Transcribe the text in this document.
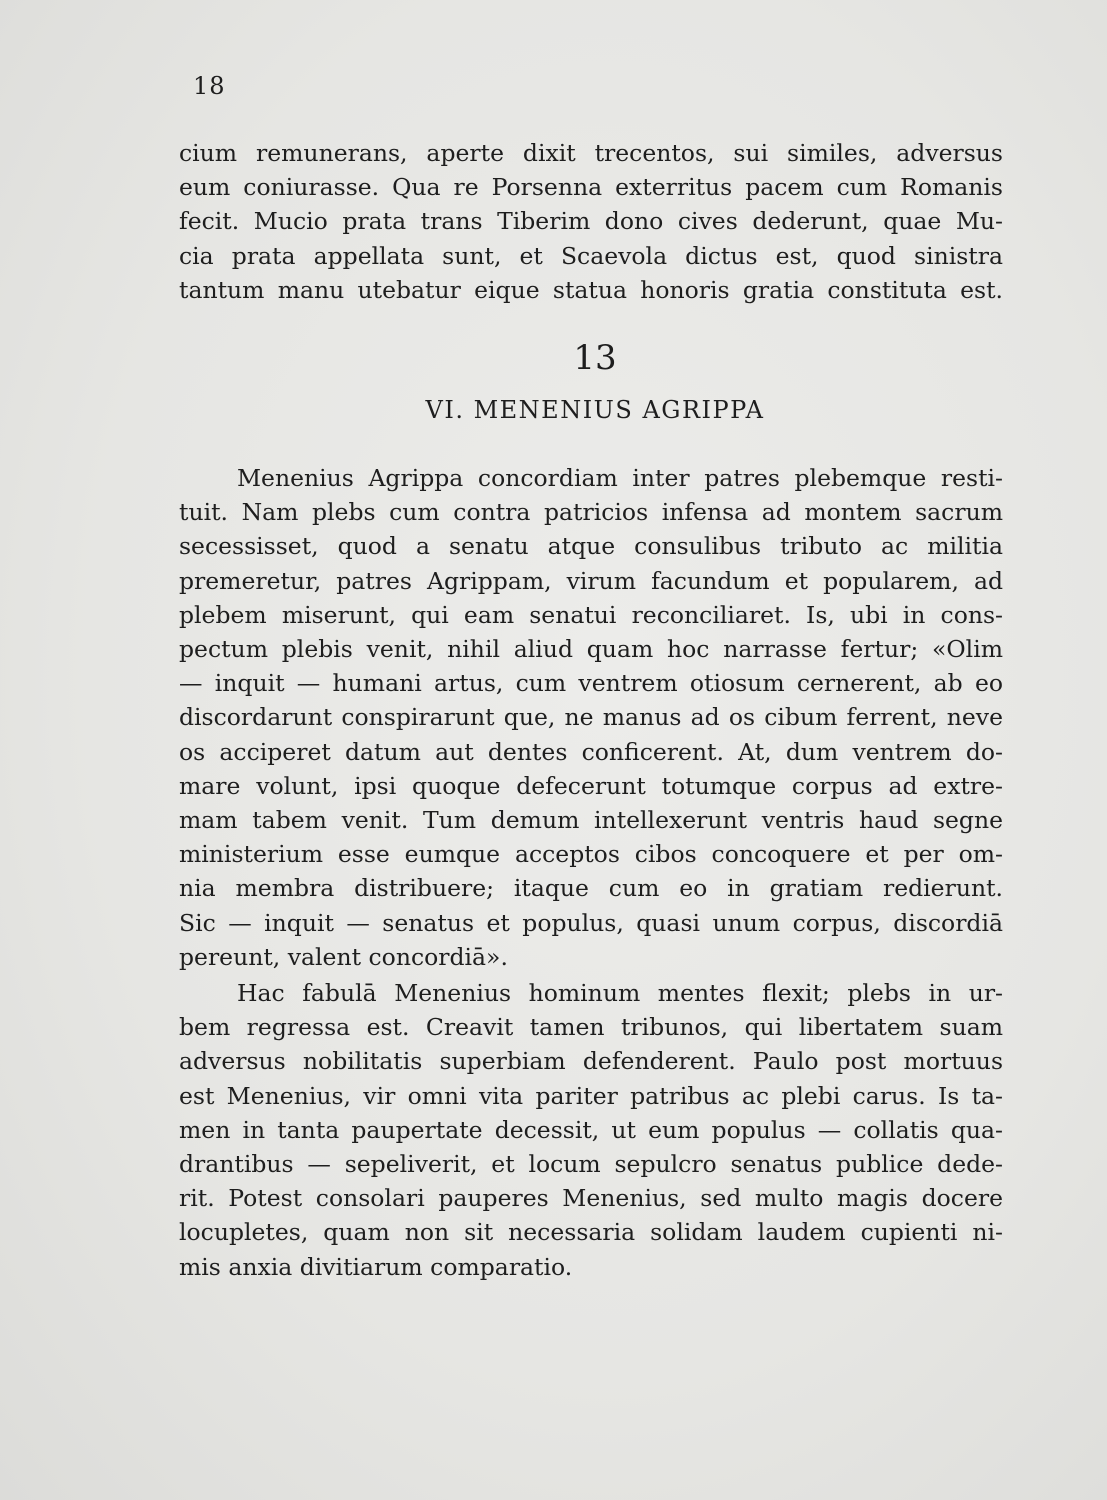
18
cium remunerans, aperte dixit trecentos, sui similes, adversus
eum coniurasse. Qua re Porsenna exterritus pacem cum Romanis
fecit. Mucio prata trans Tiberim dono cives dederunt, quae Mu-
cia prata appellata sunt, et Scaevola dictus est, quod sinistra
tantum manu utebatur eique statua honoris gratia constituta est.
13
VI. MENENIUS AGRIPPA
Menenius Agrippa concordiam inter patres plebemque resti-
tuit. Nam plebs cum contra patricios infensa ad montem sacrum
secessisset, quod a senatu atque consulibus tributo ac militia
premeretur, patres Agrippam, virum facundum et popularem, ad
plebem miserunt, qui eam senatui reconciliaret. Is, ubi in cons-
pectum plebis venit, nihil aliud quam hoc narrasse fertur; «Olim
— inquit — humani artus, cum ventrem otiosum cernerent, ab eo
discordarunt conspirarunt que, ne manus ad os cibum ferrent, neve
os acciperet datum aut dentes conficerent. At, dum ventrem do-
mare volunt, ipsi quoque defecerunt totumque corpus ad extre-
mam tabem venit. Tum demum intellexerunt ventris haud segne
ministerium esse eumque acceptos cibos concoquere et per om-
nia membra distribuere; itaque cum eo in gratiam redierunt.
Sic — inquit — senatus et populus, quasi unum corpus, discordiā
pereunt, valent concordiā».
Hac fabulā Menenius hominum mentes flexit; plebs in ur-
bem regressa est. Creavit tamen tribunos, qui libertatem suam
adversus nobilitatis superbiam defenderent. Paulo post mortuus
est Menenius, vir omni vita pariter patribus ac plebi carus. Is ta-
men in tanta paupertate decessit, ut eum populus — collatis qua-
drantibus — sepeliverit, et locum sepulcro senatus publice dede-
rit. Potest consolari pauperes Menenius, sed multo magis docere
locupletes, quam non sit necessaria solidam laudem cupienti ni-
mis anxia divitiarum comparatio.
